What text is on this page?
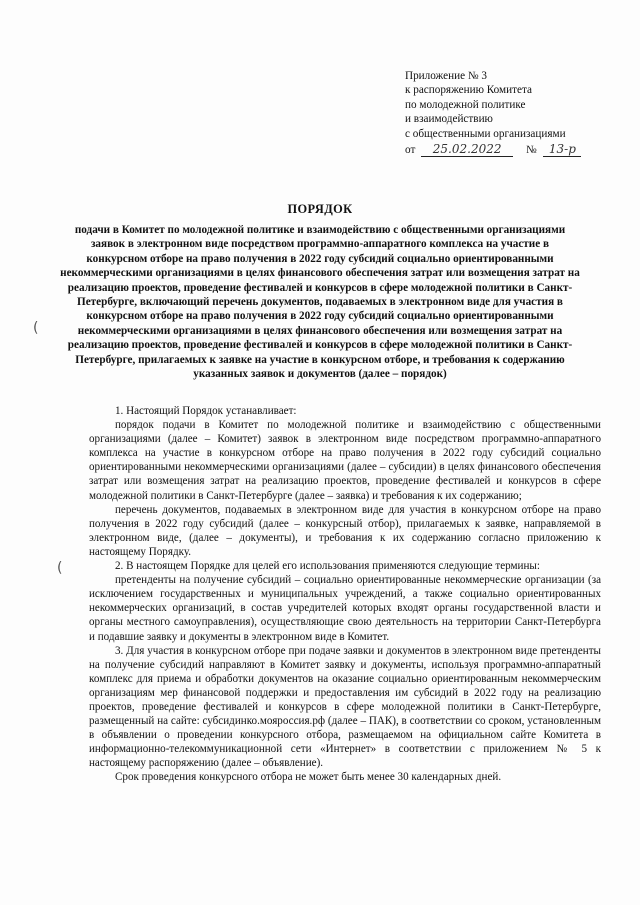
Приложение № 3
к распоряжению Комитета
по молодежной политике
и взаимодействию
с общественными организациями
от 25.02.2022 № 13-р
ПОРЯДОК
подачи в Комитет по молодежной политике и взаимодействию с общественными организациями заявок в электронном виде посредством программно-аппаратного комплекса на участие в конкурсном отборе на право получения в 2022 году субсидий социально ориентированными некоммерческими организациями в целях финансового обеспечения затрат или возмещения затрат на реализацию проектов, проведение фестивалей и конкурсов в сфере молодежной политики в Санкт-Петербурге, включающий перечень документов, подаваемых в электронном виде для участия в конкурсном отборе на право получения в 2022 году субсидий социально ориентированными некоммерческими организациями в целях финансового обеспечения или возмещения затрат на реализацию проектов, проведение фестивалей и конкурсов в сфере молодежной политики в Санкт-Петербурге, прилагаемых к заявке на участие в конкурсном отборе, и требования к содержанию указанных заявок и документов (далее – порядок)

1. Настоящий Порядок устанавливает:

порядок подачи в Комитет по молодежной политике и взаимодействию с общественными организациями (далее – Комитет) заявок в электронном виде посредством программно-аппаратного комплекса на участие в конкурсном отборе на право получения в 2022 году субсидий социально ориентированными некоммерческими организациями (далее – субсидии) в целях финансового обеспечения затрат или возмещения затрат на реализацию проектов, проведение фестивалей и конкурсов в сфере молодежной политики в Санкт-Петербурге (далее – заявка) и требования к их содержанию;

перечень документов, подаваемых в электронном виде для участия в конкурсном отборе на право получения в 2022 году субсидий (далее – конкурсный отбор), прилагаемых к заявке, направляемой в электронном виде, (далее – документы), и требования к их содержанию согласно приложению к настоящему Порядку.

2. В настоящем Порядке для целей его использования применяются следующие термины:

претенденты на получение субсидий – социально ориентированные некоммерческие организации (за исключением государственных и муниципальных учреждений, а также социально ориентированных некоммерческих организаций, в состав учредителей которых входят органы государственной власти и органы местного самоуправления), осуществляющие свою деятельность на территории Санкт-Петербурга и подавшие заявку и документы в электронном виде в Комитет.

3. Для участия в конкурсном отборе при подаче заявки и документов в электронном виде претенденты на получение субсидий направляют в Комитет заявку и документы, используя программно-аппаратный комплекс для приема и обработки документов на оказание социально ориентированным некоммерческим организациям мер финансовой поддержки и предоставления им субсидий в 2022 году на реализацию проектов, проведение фестивалей и конкурсов в сфере молодежной политики в Санкт-Петербурге, размещенный на сайте: субсидинко.мояроссия.рф (далее – ПАК), в соответствии со сроком, установленным в объявлении о проведении конкурсного отбора, размещаемом на официальном сайте Комитета в информационно-телекоммуникационной сети «Интернет» в соответствии с приложением № 5 к настоящему распоряжению (далее – объявление).

Срок проведения конкурсного отбора не может быть менее 30 календарных дней.

(
(
